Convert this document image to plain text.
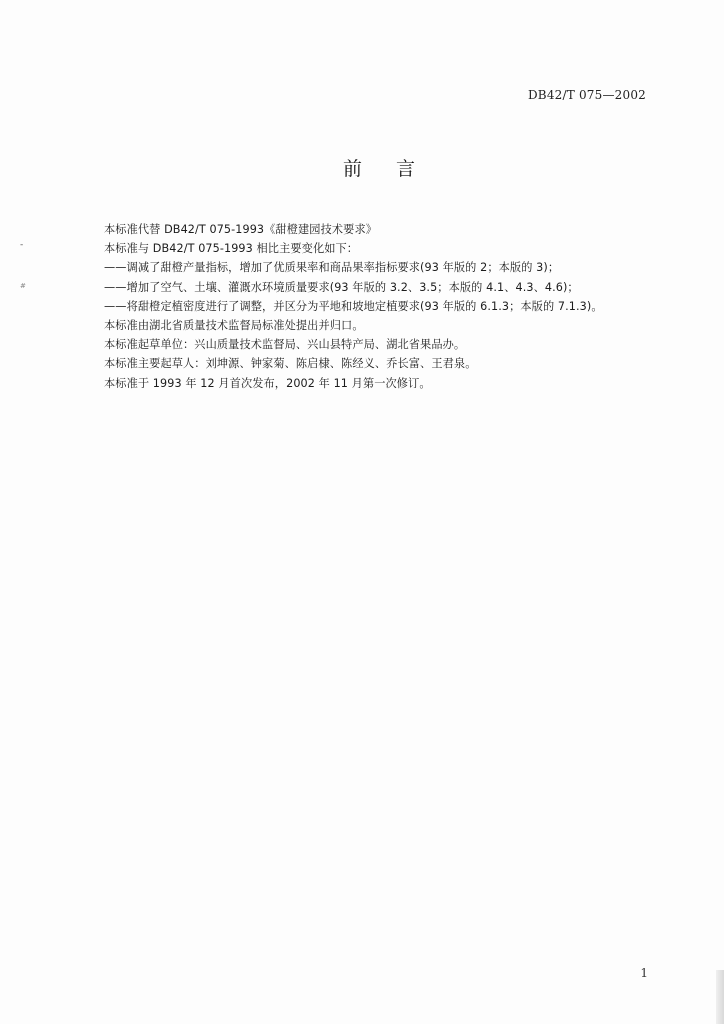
DB42/T 075—2002
前言
-
#
本标准代替 DB42/T 075-1993《甜橙建园技术要求》
本标准与 DB42/T 075-1993 相比主要变化如下：
——调减了甜橙产量指标，增加了优质果率和商品果率指标要求(93 年版的 2；本版的 3)；
——增加了空气、土壤、灌溉水环境质量要求(93 年版的 3.2、3.5；本版的 4.1、4.3、4.6)；
——将甜橙定植密度进行了调整，并区分为平地和坡地定植要求(93 年版的 6.1.3；本版的 7.1.3)。
本标准由湖北省质量技术监督局标准处提出并归口。
本标准起草单位：兴山质量技术监督局、兴山县特产局、湖北省果品办。
本标准主要起草人：刘坤源、钟家菊、陈启棣、陈经义、乔长富、王君泉。
本标准于 1993 年 12 月首次发布，2002 年 11 月第一次修订。
1
